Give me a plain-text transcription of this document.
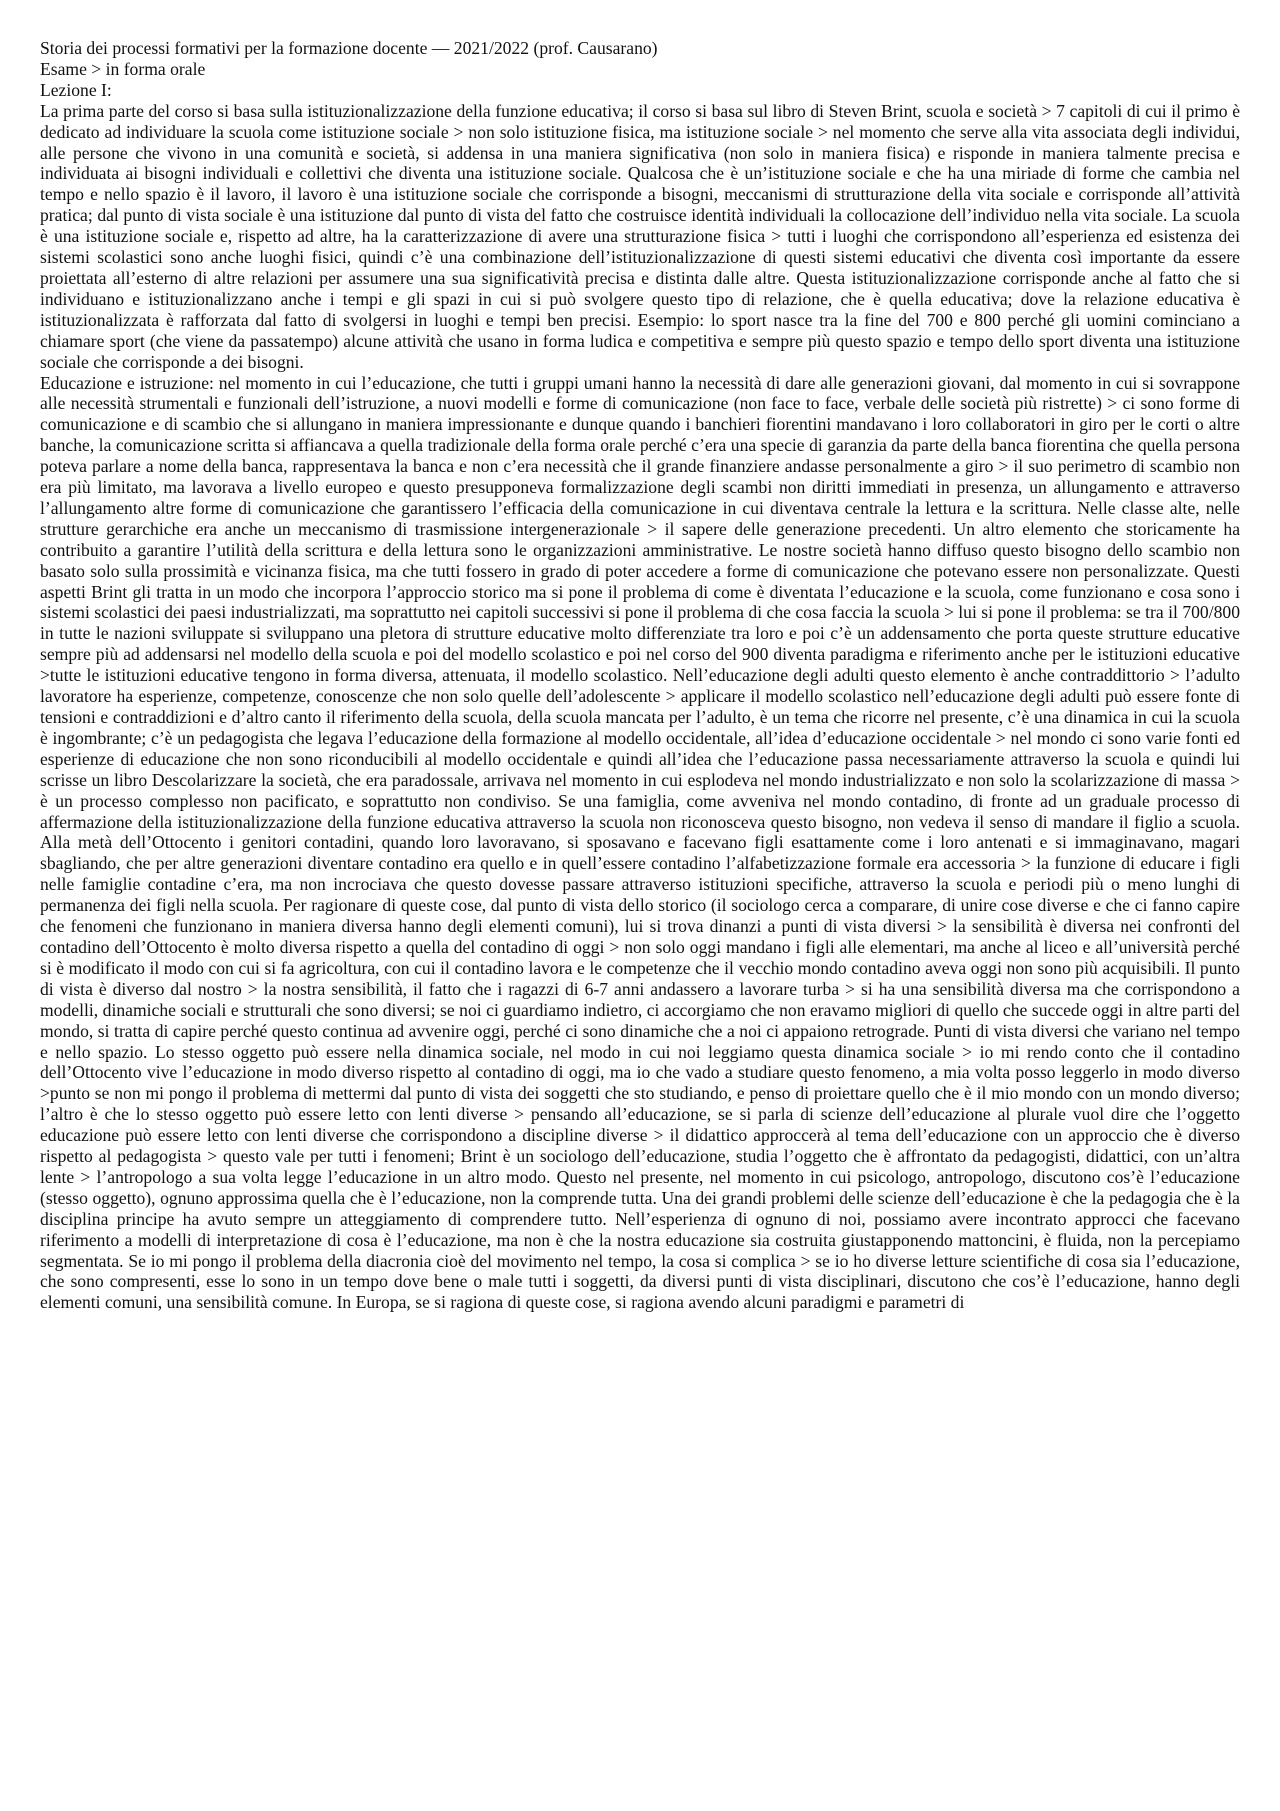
Storia dei processi formativi per la formazione docente — 2021/2022 (prof. Causarano)

Esame > in forma orale

Lezione I:

La prima parte del corso si basa sulla istituzionalizzazione della funzione educativa; il corso si basa sul libro di Steven Brint, scuola e società > 7 capitoli di cui il primo è dedicato ad individuare la scuola come istituzione sociale > non solo istituzione fisica, ma istituzione sociale > nel momento che serve alla vita associata degli individui, alle persone che vivono in una comunità e società, si addensa in una maniera significativa (non solo in maniera fisica) e risponde in maniera talmente precisa e individuata ai bisogni individuali e collettivi che diventa una istituzione sociale. Qualcosa che è un’istituzione sociale e che ha una miriade di forme che cambia nel tempo e nello spazio è il lavoro, il lavoro è una istituzione sociale che corrisponde a bisogni, meccanismi di strutturazione della vita sociale e corrisponde all’attività pratica; dal punto di vista sociale è una istituzione dal punto di vista del fatto che costruisce identità individuali la collocazione dell’individuo nella vita sociale. La scuola è una istituzione sociale e, rispetto ad altre, ha la caratterizzazione di avere una strutturazione fisica > tutti i luoghi che corrispondono all’esperienza ed esistenza dei sistemi scolastici sono anche luoghi fisici, quindi c’è una combinazione dell’istituzionalizzazione di questi sistemi educativi che diventa così importante da essere proiettata all’esterno di altre relazioni per assumere una sua significatività precisa e distinta dalle altre. Questa istituzionalizzazione corrisponde anche al fatto che si individuano e istituzionalizzano anche i tempi e gli spazi in cui si può svolgere questo tipo di relazione, che è quella educativa; dove la relazione educativa è istituzionalizzata è rafforzata dal fatto di svolgersi in luoghi e tempi ben precisi. Esempio: lo sport nasce tra la fine del 700 e 800 perché gli uomini cominciano a chiamare sport (che viene da passatempo) alcune attività che usano in forma ludica e competitiva e sempre più questo spazio e tempo dello sport diventa una istituzione sociale che corrisponde a dei bisogni.

Educazione e istruzione: nel momento in cui l’educazione, che tutti i gruppi umani hanno la necessità di dare alle generazioni giovani, dal momento in cui si sovrappone alle necessità strumentali e funzionali dell’istruzione, a nuovi modelli e forme di comunicazione (non face to face, verbale delle società più ristrette) > ci sono forme di comunicazione e di scambio che si allungano in maniera impressionante e dunque quando i banchieri fiorentini mandavano i loro collaboratori in giro per le corti o altre banche, la comunicazione scritta si affiancava a quella tradizionale della forma orale perché c’era una specie di garanzia da parte della banca fiorentina che quella persona poteva parlare a nome della banca, rappresentava la banca e non c’era necessità che il grande finanziere andasse personalmente a giro > il suo perimetro di scambio non era più limitato, ma lavorava a livello europeo e questo presupponeva formalizzazione degli scambi non diritti immediati in presenza, un allungamento e attraverso l’allungamento altre forme di comunicazione che garantissero l’efficacia della comunicazione in cui diventava centrale la lettura e la scrittura. Nelle classe alte, nelle strutture gerarchiche era anche un meccanismo di trasmissione intergenerazionale > il sapere delle generazione precedenti. Un altro elemento che storicamente ha contribuito a garantire l’utilità della scrittura e della lettura sono le organizzazioni amministrative. Le nostre società hanno diffuso questo bisogno dello scambio non basato solo sulla prossimità e vicinanza fisica, ma che tutti fossero in grado di poter accedere a forme di comunicazione che potevano essere non personalizzate. Questi aspetti Brint gli tratta in un modo che incorpora l’approccio storico ma si pone il problema di come è diventata l’educazione e la scuola, come funzionano e cosa sono i sistemi scolastici dei paesi industrializzati, ma soprattutto nei capitoli successivi si pone il problema di che cosa faccia la scuola > lui si pone il problema: se tra il 700/800 in tutte le nazioni sviluppate si sviluppano una pletora di strutture educative molto differenziate tra loro e poi c’è un addensamento che porta queste strutture educative sempre più ad addensarsi nel modello della scuola e poi del modello scolastico e poi nel corso del 900 diventa paradigma e riferimento anche per le istituzioni educative >tutte le istituzioni educative tengono in forma diversa, attenuata, il modello scolastico. Nell’educazione degli adulti questo elemento è anche contraddittorio > l’adulto lavoratore ha esperienze, competenze, conoscenze che non solo quelle dell’adolescente > applicare il modello scolastico nell’educazione degli adulti può essere fonte di tensioni e contraddizioni e d’altro canto il riferimento della scuola, della scuola mancata per l’adulto, è un tema che ricorre nel presente, c’è una dinamica in cui la scuola è ingombrante; c’è un pedagogista che legava l’educazione della formazione al modello occidentale, all’idea d’educazione occidentale > nel mondo ci sono varie fonti ed esperienze di educazione che non sono riconducibili al modello occidentale e quindi all’idea che l’educazione passa necessariamente attraverso la scuola e quindi lui scrisse un libro Descolarizzare la società, che era paradossale, arrivava nel momento in cui esplodeva nel mondo industrializzato e non solo la scolarizzazione di massa > è un processo complesso non pacificato, e soprattutto non condiviso. Se una famiglia, come avveniva nel mondo contadino, di fronte ad un graduale processo di affermazione della istituzionalizzazione della funzione educativa attraverso la scuola non riconosceva questo bisogno, non vedeva il senso di mandare il figlio a scuola. Alla metà dell’Ottocento i genitori contadini, quando loro lavoravano, si sposavano e facevano figli esattamente come i loro antenati e si immaginavano, magari sbagliando, che per altre generazioni diventare contadino era quello e in quell’essere contadino l’alfabetizzazione formale era accessoria > la funzione di educare i figli nelle famiglie contadine c’era, ma non incrociava che questo dovesse passare attraverso istituzioni specifiche, attraverso la scuola e periodi più o meno lunghi di permanenza dei figli nella scuola. Per ragionare di queste cose, dal punto di vista dello storico (il sociologo cerca a comparare, di unire cose diverse e che ci fanno capire che fenomeni che funzionano in maniera diversa hanno degli elementi comuni), lui si trova dinanzi a punti di vista diversi > la sensibilità è diversa nei confronti del contadino dell’Ottocento è molto diversa rispetto a quella del contadino di oggi > non solo oggi mandano i figli alle elementari, ma anche al liceo e all’università perché si è modificato il modo con cui si fa agricoltura, con cui il contadino lavora e le competenze che il vecchio mondo contadino aveva oggi non sono più acquisibili. Il punto di vista è diverso dal nostro > la nostra sensibilità, il fatto che i ragazzi di 6-7 anni andassero a lavorare turba > si ha una sensibilità diversa ma che corrispondono a modelli, dinamiche sociali e strutturali che sono diversi; se noi ci guardiamo indietro, ci accorgiamo che non eravamo migliori di quello che succede oggi in altre parti del mondo, si tratta di capire perché questo continua ad avvenire oggi, perché ci sono dinamiche che a noi ci appaiono retrograde. Punti di vista diversi che variano nel tempo e nello spazio. Lo stesso oggetto può essere nella dinamica sociale, nel modo in cui noi leggiamo questa dinamica sociale > io mi rendo conto che il contadino dell’Ottocento vive l’educazione in modo diverso rispetto al contadino di oggi, ma io che vado a studiare questo fenomeno, a mia volta posso leggerlo in modo diverso >punto se non mi pongo il problema di mettermi dal punto di vista dei soggetti che sto studiando, e penso di proiettare quello che è il mio mondo con un mondo diverso; l’altro è che lo stesso oggetto può essere letto con lenti diverse > pensando all’educazione, se si parla di scienze dell’educazione al plurale vuol dire che l’oggetto educazione può essere letto con lenti diverse che corrispondono a discipline diverse > il didattico approccerà al tema dell’educazione con un approccio che è diverso rispetto al pedagogista > questo vale per tutti i fenomeni; Brint è un sociologo dell’educazione, studia l’oggetto che è affrontato da pedagogisti, didattici, con un’altra lente > l’antropologo a sua volta legge l’educazione in un altro modo. Questo nel presente, nel momento in cui psicologo, antropologo, discutono cos’è l’educazione (stesso oggetto), ognuno approssima quella che è l’educazione, non la comprende tutta. Una dei grandi problemi delle scienze dell’educazione è che la pedagogia che è la disciplina principe ha avuto sempre un atteggiamento di comprendere tutto. Nell’esperienza di ognuno di noi, possiamo avere incontrato approcci che facevano riferimento a modelli di interpretazione di cosa è l’educazione, ma non è che la nostra educazione sia costruita giustapponendo mattoncini, è fluida, non la percepiamo segmentata. Se io mi pongo il problema della diacronia cioè del movimento nel tempo, la cosa si complica > se io ho diverse letture scientifiche di cosa sia l’educazione, che sono compresenti, esse lo sono in un tempo dove bene o male tutti i soggetti, da diversi punti di vista disciplinari, discutono che cos’è l’educazione, hanno degli elementi comuni, una sensibilità comune. In Europa, se si ragiona di queste cose, si ragiona avendo alcuni paradigmi e parametri di
